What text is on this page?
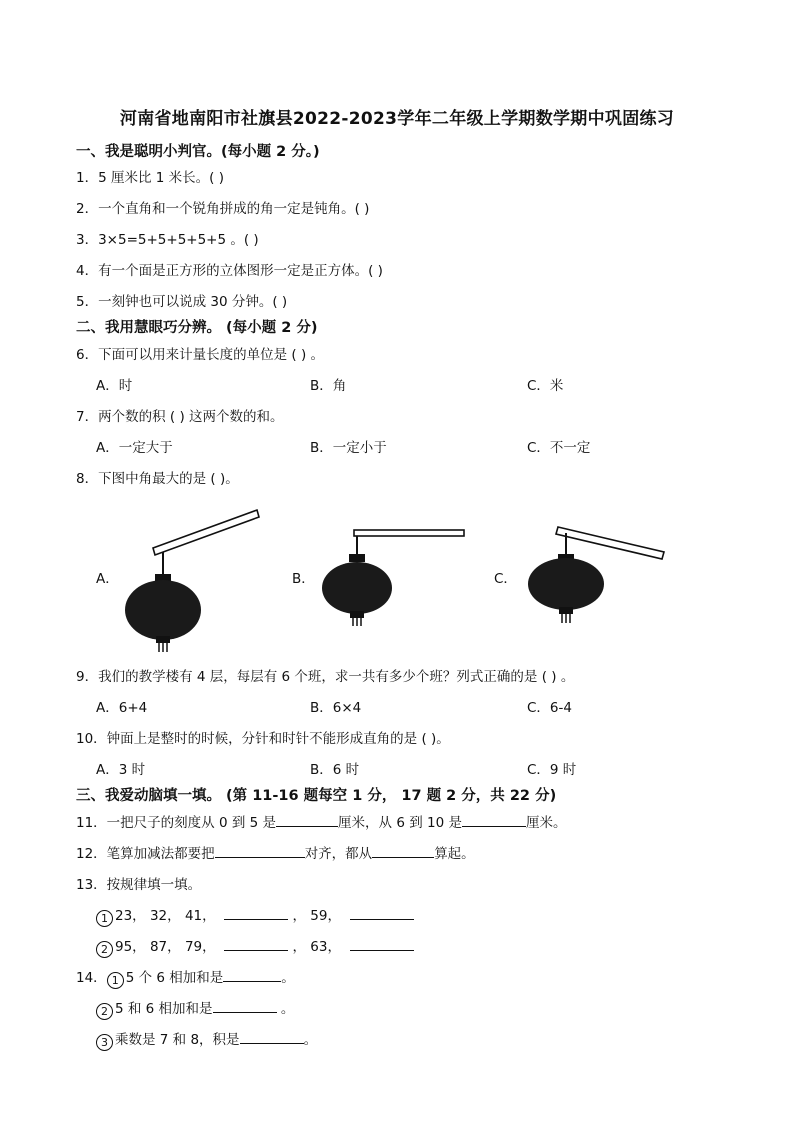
河南省地南阳市社旗县2022-2023学年二年级上学期数学期中巩固练习
一、我是聪明小判官。(每小题 2 分。)
1．5 厘米比 1 米长。( )
2．一个直角和一个锐角拼成的角一定是钝角。( )
3．3×5=5+5+5+5+5 。( )
4．有一个面是正方形的立体图形一定是正方体。( )
5．一刻钟也可以说成 30 分钟。( )
二、我用慧眼巧分辨。 (每小题 2 分)
6．下面可以用来计量长度的单位是 ( ) 。
A．时	B．角	C．米
7．两个数的积 ( ) 这两个数的和。
A．一定大于	B．一定小于	C．不一定
8．下图中角最大的是 ( )。
A．	B．	C．
9．我们的教学楼有 4 层，每层有 6 个班，求一共有多少个班？列式正确的是 ( ) 。
A．6+4	B．6×4	C．6-4
10．钟面上是整时的时候，分针和时针不能形成直角的是 ( )。
A．3 时	B．6 时	C．9 时
三、我爱动脑填一填。 (第 11-16 题每空 1 分， 17 题 2 分，共 22 分)
11．一把尺子的刻度从 0 到 5 是	厘米，从 6 到 10 是	厘米。
12．笔算加减法都要把	对齐，都从	算起。
13．按规律填一填。
1 23， 32， 41，	， 59，
2 95， 87， 79，	， 63，
14． 1 5 个 6 相加和是	。
2 5 和 6 相加和是	。
3 乘数是 7 和 8，积是	。
